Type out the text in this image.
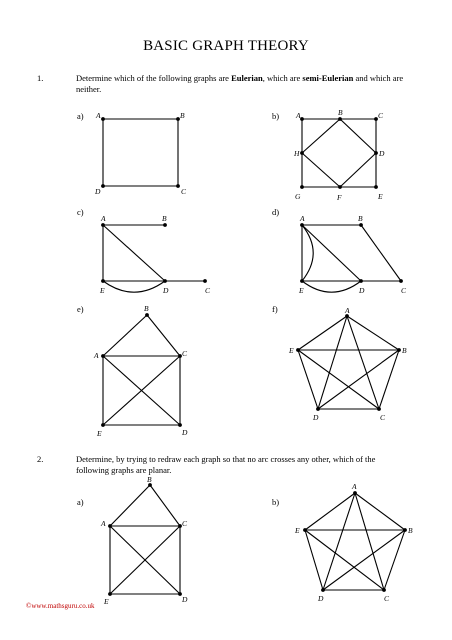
BASIC GRAPH THEORY
1.	Determine which of the following graphs are Eulerian, which are semi-Eulerian and which are neither.
a)	b)
c)	d)
e)	f)
2.	Determine, by trying to redraw each graph so that no arc crosses any other, which of the following graphs are planar.
a)	b)
A	B
C
D
A	B	C
D
E
F
G
H
A	B
C
D
E
A	B
C
D
E
A
B
C
D
E
A
B
C
D
E
A
B
C
D
E
A
B
C
D
E
©www.mathsguru.co.uk
